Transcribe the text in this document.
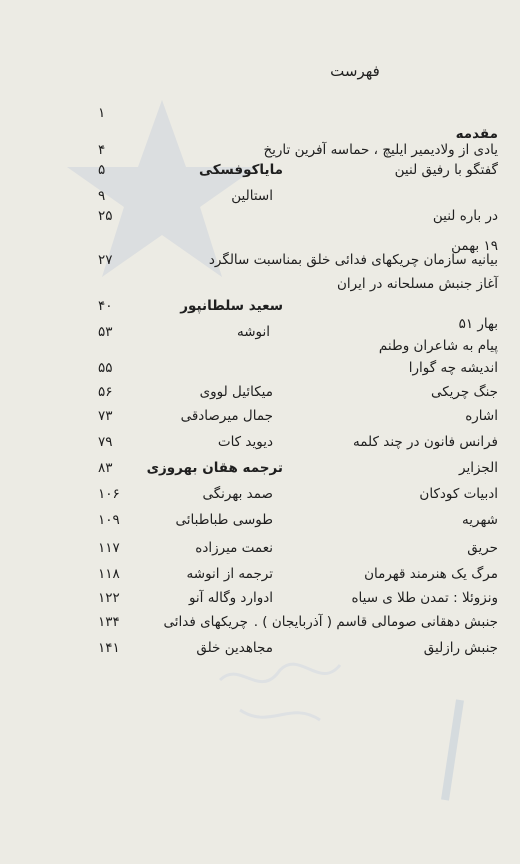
فهرست
۱
مقدمه
یادی از ولادیمیر ایلیچ ، حماسه آفرین تاریخ
۴
گفتگو با رفیق لنین
مایاکوفسکی
۵
استالین
۹
در باره لنین
۲۵
۱۹ بهمن
بیانیه سازمان چریکهای فدائی خلق بمناسبت سالگرد
۲۷
آغاز جنبش مسلحانه در ایران
سعید سلطانپور
۴۰
بهار ۵۱
انوشه
۵۳
پیام به شاعران وطنم
اندیشه چه گوارا
۵۵
جنگ چریکی
میکائیل لووی
۵۶
اشاره
جمال میرصادقی
۷۳
فرانس فانون در چند کلمه
دیوید کات
۷۹
الجزایر
ترجمه هقان بهروزی
۸۳
ادبیات کودکان
صمد بهرنگی
۱۰۶
شهریه
طوسی طباطبائی
۱۰۹
حریق
نعمت میرزاده
۱۱۷
مرگ یک هنرمند قهرمان
ترجمه از انوشه
۱۱۸
ونزوئلا : تمدن طلا ی سیاه
ادوارد وگاله آنو
۱۲۲
جنبش دهقانی صومالی قاسم ( آذربایجان ) .
چریکهای فدائی
۱۳۴
جنبش رازلیق
مجاهدین خلق
۱۴۱
